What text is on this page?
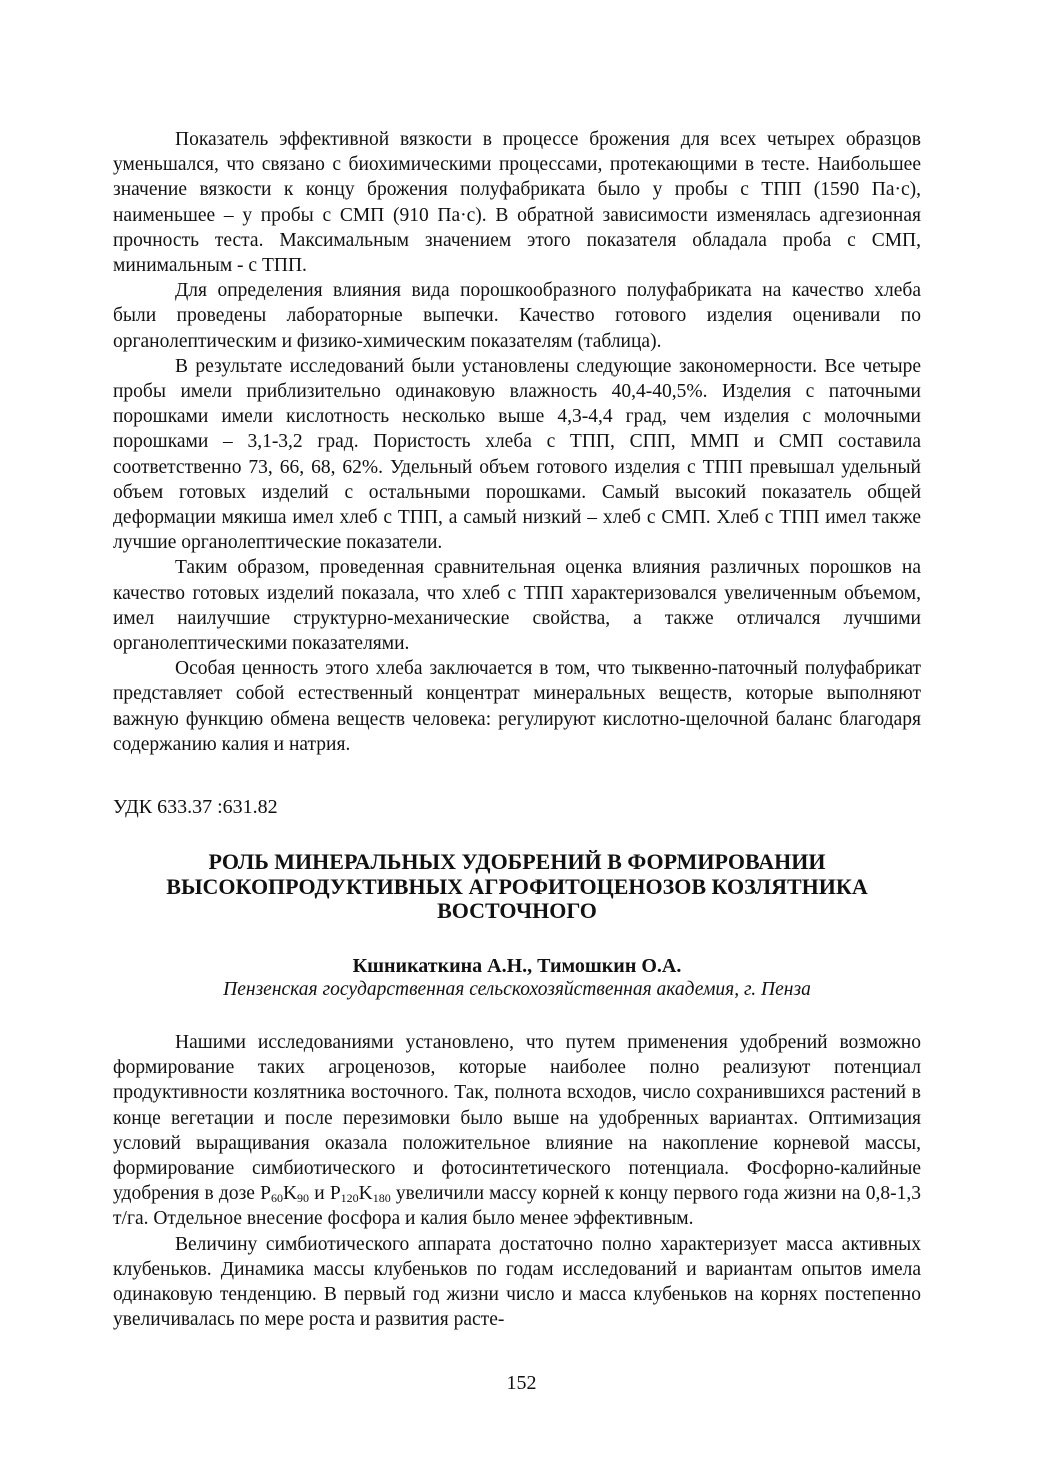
Показатель эффективной вязкости в процессе брожения для всех четырех образцов уменьшался, что связано с биохимическими процессами, протекающими в тесте. Наибольшее значение вязкости к концу брожения полуфабриката было у пробы с ТПП (1590 Па·с), наименьшее – у пробы с СМП (910 Па·с). В обратной зависимости изменялась адгезионная прочность теста. Максимальным значением этого показателя обладала проба с СМП, минимальным - с ТПП.

Для определения влияния вида порошкообразного полуфабриката на качество хлеба были проведены лабораторные выпечки. Качество готового изделия оценивали по органолептическим и физико-химическим показателям (таблица).

В результате исследований были установлены следующие закономерности. Все четыре пробы имели приблизительно одинаковую влажность 40,4-40,5%. Изделия с паточными порошками имели кислотность несколько выше 4,3-4,4 град, чем изделия с молочными порошками – 3,1-3,2 град. Пористость хлеба с ТПП, СПП, ММП и СМП составила соответственно 73, 66, 68, 62%. Удельный объем готового изделия с ТПП превышал удельный объем готовых изделий с остальными порошками. Самый высокий показатель общей деформации мякиша имел хлеб с ТПП, а самый низкий – хлеб с СМП. Хлеб с ТПП имел также лучшие органолептические показатели.

Таким образом, проведенная сравнительная оценка влияния различных порошков на качество готовых изделий показала, что хлеб с ТПП характеризовался увеличенным объемом, имел наилучшие структурно-механические свойства, а также отличался лучшими органолептическими показателями.

Особая ценность этого хлеба заключается в том, что тыквенно-паточный полуфабрикат представляет собой естественный концентрат минеральных веществ, которые выполняют важную функцию обмена веществ человека: регулируют кислотно-щелочной баланс благодаря содержанию калия и натрия.

УДК 633.37 :631.82
РОЛЬ МИНЕРАЛЬНЫХ УДОБРЕНИЙ В ФОРМИРОВАНИИ ВЫСОКОПРОДУКТИВНЫХ АГРОФИТОЦЕНОЗОВ КОЗЛЯТНИКА ВОСТОЧНОГО
Кшникаткина А.Н., Тимошкин О.А.
Пензенская государственная сельскохозяйственная академия, г. Пенза

Нашими исследованиями установлено, что путем применения удобрений возможно формирование таких агроценозов, которые наиболее полно реализуют потенциал продуктивности козлятника восточного. Так, полнота всходов, число сохранившихся растений в конце вегетации и после перезимовки было выше на удобренных вариантах. Оптимизация условий выращивания оказала положительное влияние на накопление корневой массы, формирование симбиотического и фотосинтетического потенциала. Фосфорно-калийные удобрения в дозе $P_{60}K_{90}$ и $P_{120}K_{180}$ увеличили массу корней к концу первого года жизни на 0,8-1,3 т/га. Отдельное внесение фосфора и калия было менее эффективным.

Величину симбиотического аппарата достаточно полно характеризует масса активных клубеньков. Динамика массы клубеньков по годам исследований и вариантам опытов имела одинаковую тенденцию. В первый год жизни число и масса клубеньков на корнях постепенно увеличивалась по мере роста и развития расте-

152
